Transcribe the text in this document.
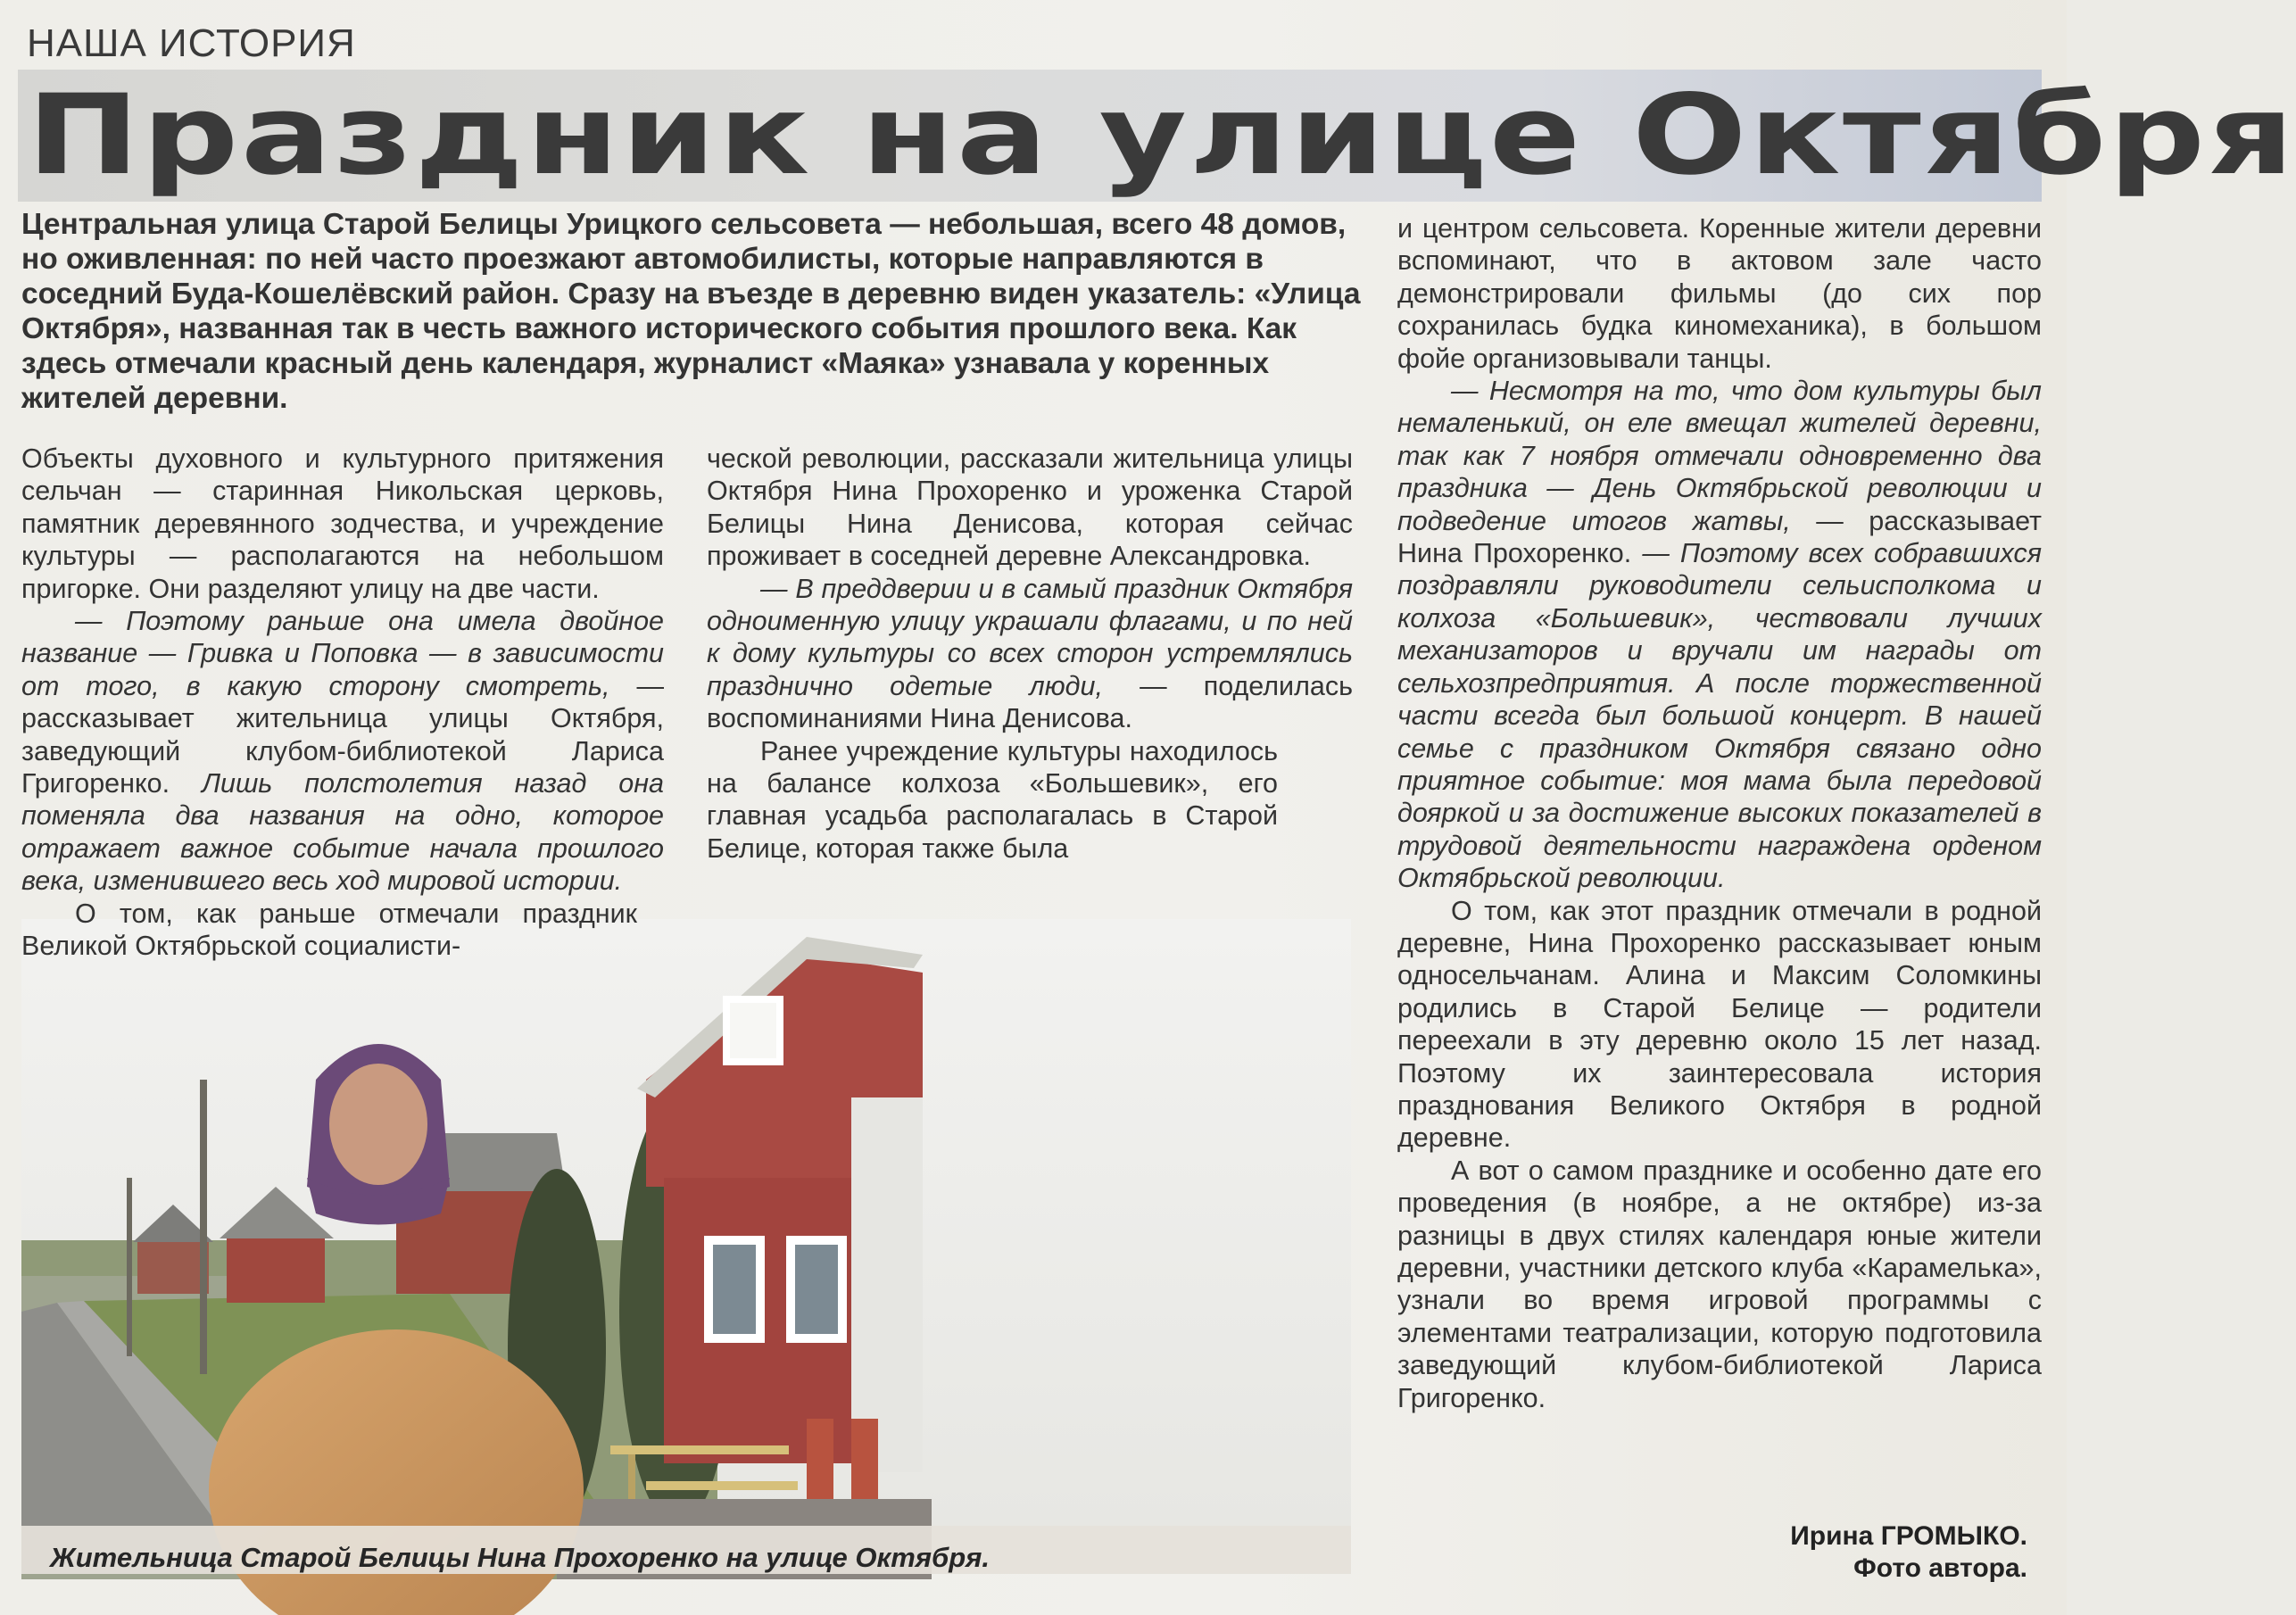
НАША ИСТОРИЯ
Праздник на улице Октября
Центральная улица Старой Белицы Урицкого сельсовета — небольшая, всего 48 домов, но оживленная: по ней часто проезжают автомобилисты, которые направляются в соседний Буда-Кошелёвский район. Сразу на въезде в деревню виден указатель: «Улица Октября», названная так в честь важного исторического события прошлого века. Как здесь отмечали красный день календаря, журналист «Маяка» узнавала у коренных жителей деревни.

Объекты духовного и культурного притяжения сельчан — старинная Никольская церковь, памятник деревянного зодчества, и учреждение культуры — располагаются на небольшом пригорке. Они разделяют улицу на две части.

— Поэтому раньше она имела двойное название — Гривка и Поповка — в зависимости от того, в какую сторону смотреть, — рассказывает жительница улицы Октября, заведующий клубом-библиотекой Лариса Григоренко. Лишь полстолетия назад она поменяла два названия на одно, которое отражает важное событие начала прошлого века, изменившего весь ход мировой истории.

О том, как раньше отмечали праздник Великой Октябрьской социалисти-

ческой революции, рассказали жительница улицы Октября Нина Прохоренко и уроженка Старой Белицы Нина Денисова, которая сейчас проживает в соседней деревне Александровка.

— В преддверии и в самый праздник Октября одноименную улицу украшали флагами, и по ней к дому культуры со всех сторон устремлялись празднично одетые люди, — поделилась воспоминаниями Нина Денисова.

Ранее учреждение культуры находилось на балансе колхоза «Большевик», его главная усадьба располагалась в Старой Белице, которая также была

и центром сельсовета. Коренные жители деревни вспоминают, что в актовом зале часто демонстрировали фильмы (до сих пор сохранилась будка киномеханика), в большом фойе организовывали танцы.

— Несмотря на то, что дом культуры был немаленький, он еле вмещал жителей деревни, так как 7 ноября отмечали одновременно два праздника — День Октябрьской революции и подведение итогов жатвы, — рассказывает Нина Прохоренко. — Поэтому всех собравшихся поздравляли руководители сельисполкома и колхоза «Большевик», чествовали лучших механизаторов и вручали им награды от сельхозпредприятия. А после торжественной части всегда был большой концерт. В нашей семье с праздником Октября связано одно приятное событие: моя мама была передовой дояркой и за достижение высоких показателей в трудовой деятельности награждена орденом Октябрьской революции.

О том, как этот праздник отмечали в родной деревне, Нина Прохоренко рассказывает юным односельчанам. Алина и Максим Соломкины родились в Старой Белице — родители переехали в эту деревню около 15 лет назад. Поэтому их заинтересовала история празднования Великого Октября в родной деревне.

А вот о самом празднике и особенно дате его проведения (в ноябре, а не октябре) из-за разницы в двух стилях календаря юные жители деревни, участники детского клуба «Карамелька», узнали во время игровой программы с элементами театрализации, которую подготовила заведующий клубом-библиотекой Лариса Григоренко.

Жительница Старой Белицы Нина Прохоренко на улице Октября.
Ирина ГРОМЫКО.
Фото автора.
